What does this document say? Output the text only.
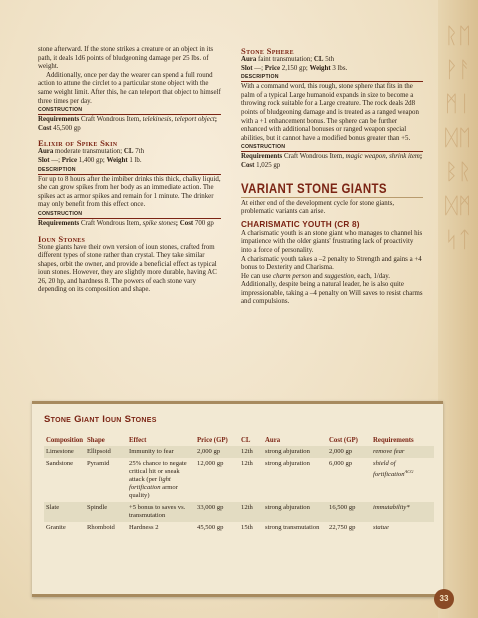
ᚱᛖᚹᚨᛗᛁᛞᛖᛒᚱᛞᛗᛋᛏ

stone afterward. If the stone strikes a creature or an object in its path, it deals 1d6 points of bludgeoning damage per 25 lbs. of weight.

Additionally, once per day the wearer can spend a full round action to attune the circlet to a particular stone object with the same weight limit. After this, he can teleport that object to himself three times per day.

CONSTRUCTION

Requirements Craft Wondrous Item, telekinesis, teleport object; Cost 45,500 gp

Elixir of Spike Skin

Aura moderate transmutation; CL 7th

Slot —; Price 1,400 gp; Weight 1 lb.

DESCRIPTION

For up to 8 hours after the imbiber drinks this thick, chalky liquid, she can grow spikes from her body as an immediate action. The spikes act as armor spikes and remain for 1 minute. The drinker may only benefit from this effect once.

CONSTRUCTION

Requirements Craft Wondrous Item, spike stones; Cost 700 gp

Ioun Stones

Stone giants have their own version of ioun stones, crafted from different types of stone rather than crystal. They take similar shapes, orbit the owner, and provide a beneficial effect as typical ioun stones. However, they are slightly more durable, having AC 26, 20 hp, and hardness 8. The powers of each stone vary depending on its composition and shape.

Stone Sphere

Aura faint transmutation; CL 5th

Slot —; Price 2,150 gp; Weight 3 lbs.

DESCRIPTION

With a command word, this rough, stone sphere that fits in the palm of a typical Large humanoid expands in size to become a throwing rock suitable for a Large creature. The rock deals 2d8 points of bludgeoning damage and is treated as a ranged weapon with a +1 enhancement bonus. The sphere can be further enhanced with additional bonuses or ranged weapon special abilities, but it cannot have a modified bonus greater than +5.

CONSTRUCTION

Requirements Craft Wondrous Item, magic weapon, shrink item; Cost 1,025 gp

VARIANT STONE GIANTS

At either end of the development cycle for stone giants, problematic variants can arise.

CHARISMATIC YOUTH (CR 8)

A charismatic youth is an stone giant who manages to channel his impatience with the older giants' frustrating lack of proactivity into a force of personality.

A charismatic youth takes a –2 penalty to Strength and gains a +4 bonus to Dexterity and Charisma.

He can use charm person and suggestion, each, 1/day.

Additionally, despite being a natural leader, he is also quite impressionable, taking a –4 penalty on Will saves to resist charms and compulsions.

Stone Giant Ioun Stones
Composition	Shape	Effect	Price (GP)	CL	Aura	Cost (GP)	Requirements
Limestone	Ellipsoid	Immunity to fear	2,000 gp	12th	strong abjuration	2,000 gp	remove fear
Sandstone	Pyramid	25% chance to negate critical hit or sneak attack (per light fortification armor quality)	12,000 gp	12th	strong abjuration	6,000 gp	shield of fortification$^{ACG}$
Slate	Spindle	+5 bonus to saves vs. transmutation	33,000 gp	12th	strong abjuration	16,500 gp	immutability*
Granite	Rhomboid	Hardness 2	45,500 gp	15th	strong transmutation	22,750 gp	statue
33
